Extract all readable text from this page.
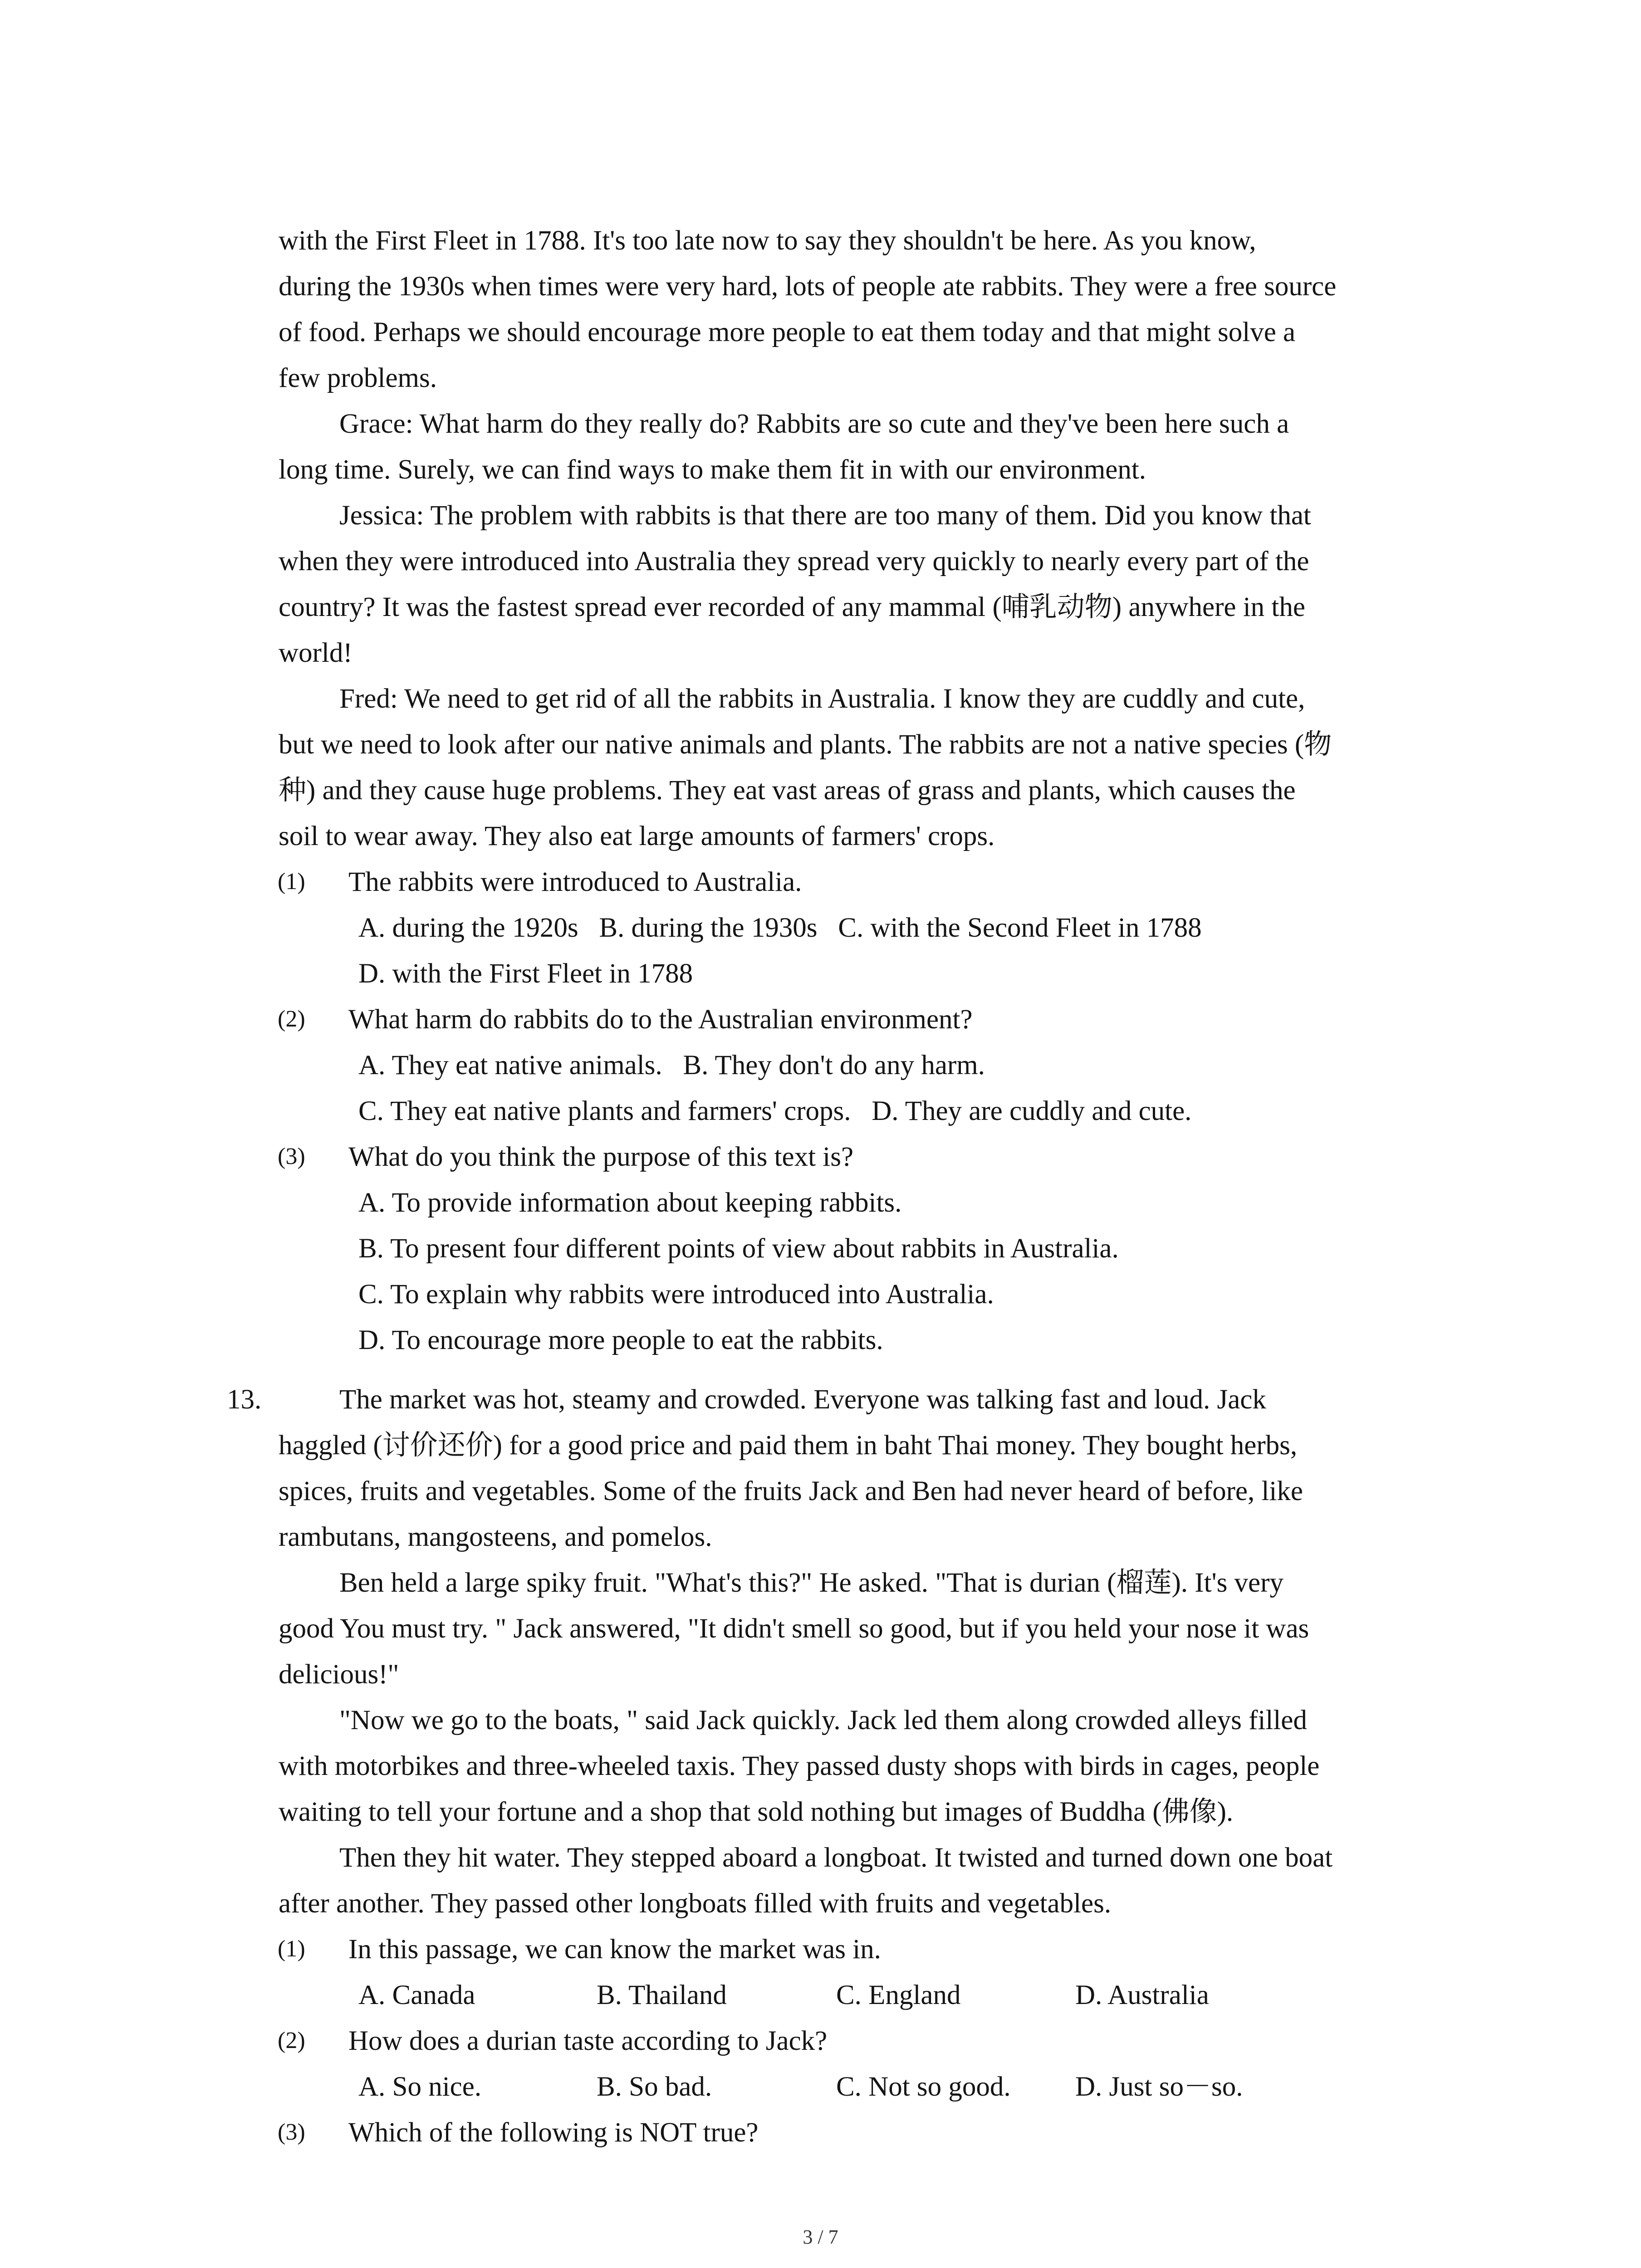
with the First Fleet in 1788. It's too late now to say they shouldn't be here. As you know,
during the 1930s when times were very hard, lots of people ate rabbits. They were a free source
of food. Perhaps we should encourage more people to eat them today and that might solve a
few problems.
Grace: What harm do they really do? Rabbits are so cute and they've been here such a
long time. Surely, we can find ways to make them fit in with our environment.
Jessica: The problem with rabbits is that there are too many of them. Did you know that
when they were introduced into Australia they spread very quickly to nearly every part of the
country? It was the fastest spread ever recorded of any mammal (哺乳动物) anywhere in the
world!
Fred: We need to get rid of all the rabbits in Australia. I know they are cuddly and cute,
but we need to look after our native animals and plants. The rabbits are not a native species (物
种) and they cause huge problems. They eat vast areas of grass and plants, which causes the
soil to wear away. They also eat large amounts of farmers' crops.
(1) The rabbits were introduced to Australia.
A. during the 1920s   B. during the 1930s   C. with the Second Fleet in 1788
D. with the First Fleet in 1788
(2) What harm do rabbits do to the Australian environment?
A. They eat native animals.   B. They don't do any harm.
C. They eat native plants and farmers' crops.   D. They are cuddly and cute.
(3) What do you think the purpose of this text is?
A. To provide information about keeping rabbits.
B. To present four different points of view about rabbits in Australia.
C. To explain why rabbits were introduced into Australia.
D. To encourage more people to eat the rabbits.
13.	The market was hot, steamy and crowded. Everyone was talking fast and loud. Jack
haggled (讨价还价) for a good price and paid them in baht Thai money. They bought herbs,
spices, fruits and vegetables. Some of the fruits Jack and Ben had never heard of before, like
rambutans, mangosteens, and pomelos.
Ben held a large spiky fruit. "What's this?" He asked. "That is durian (榴莲). It's very
good You must try. " Jack answered, "It didn't smell so good, but if you held your nose it was
delicious!"
"Now we go to the boats, " said Jack quickly. Jack led them along crowded alleys filled
with motorbikes and three-wheeled taxis. They passed dusty shops with birds in cages, people
waiting to tell your fortune and a shop that sold nothing but images of Buddha (佛像).
Then they hit water. They stepped aboard a longboat. It twisted and turned down one boat
after another. They passed other longboats filled with fruits and vegetables.
(1) In this passage, we can know the market was in.
A. Canada	B. Thailand	C. England	D. Australia
(2) How does a durian taste according to Jack?
A. So nice.	B. So bad.	C. Not so good. D. Just so－so.
(3) Which of the following is NOT true?
3 / 7
